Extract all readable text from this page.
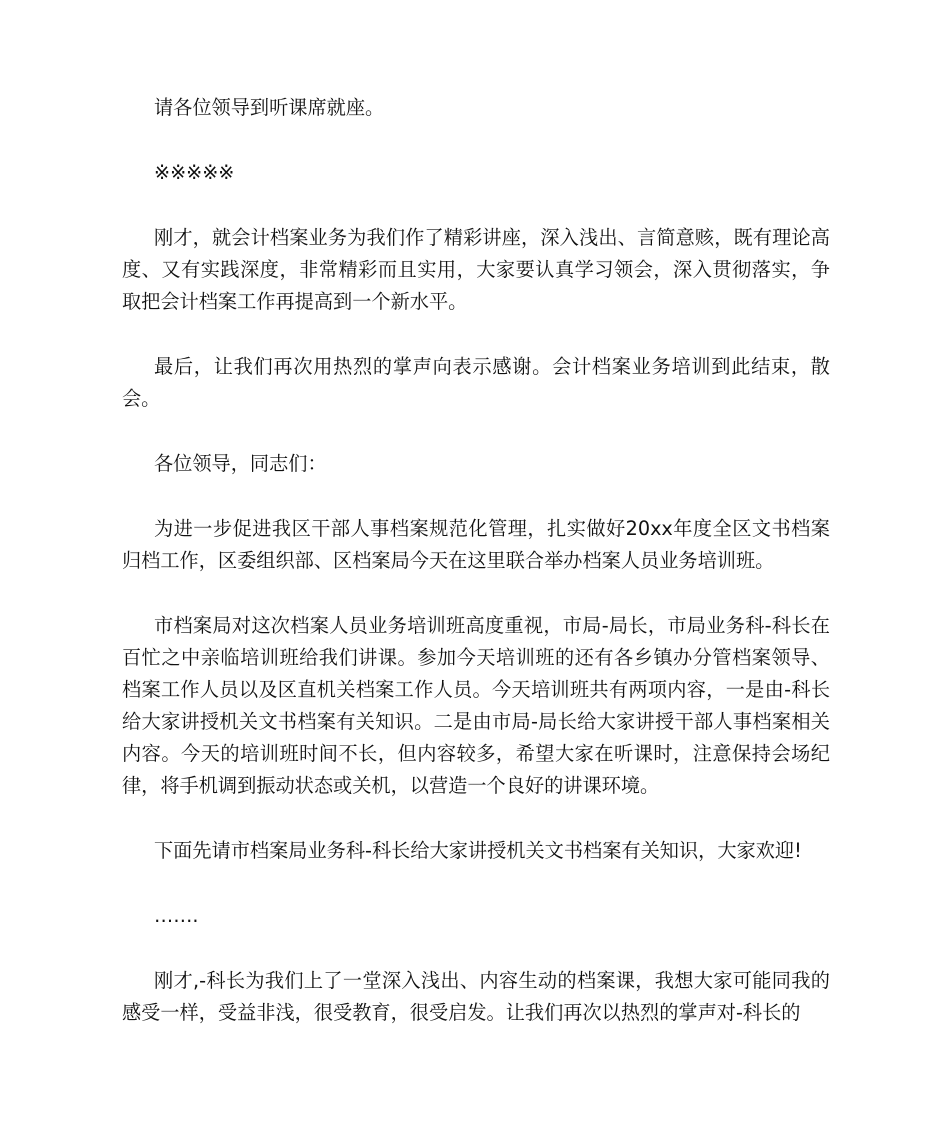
请各位领导到听课席就座。

※※※※※

刚才，就会计档案业务为我们作了精彩讲座，深入浅出、言简意赅，既有理论高度、又有实践深度，非常精彩而且实用，大家要认真学习领会，深入贯彻落实，争取把会计档案工作再提高到一个新水平。

最后，让我们再次用热烈的掌声向表示感谢。会计档案业务培训到此结束，散会。

各位领导，同志们：

为进一步促进我区干部人事档案规范化管理，扎实做好20xx年度全区文书档案归档工作，区委组织部、区档案局今天在这里联合举办档案人员业务培训班。

市档案局对这次档案人员业务培训班高度重视，市局-局长，市局业务科-科长在百忙之中亲临培训班给我们讲课。参加今天培训班的还有各乡镇办分管档案领导、档案工作人员以及区直机关档案工作人员。今天培训班共有两项内容，一是由-科长给大家讲授机关文书档案有关知识。二是由市局-局长给大家讲授干部人事档案相关内容。今天的培训班时间不长，但内容较多，希望大家在听课时，注意保持会场纪律，将手机调到振动状态或关机，以营造一个良好的讲课环境。

下面先请市档案局业务科-科长给大家讲授机关文书档案有关知识，大家欢迎!

…….

刚才,-科长为我们上了一堂深入浅出、内容生动的档案课，我想大家可能同我的感受一样，受益非浅，很受教育，很受启发。让我们再次以热烈的掌声对-科长的
